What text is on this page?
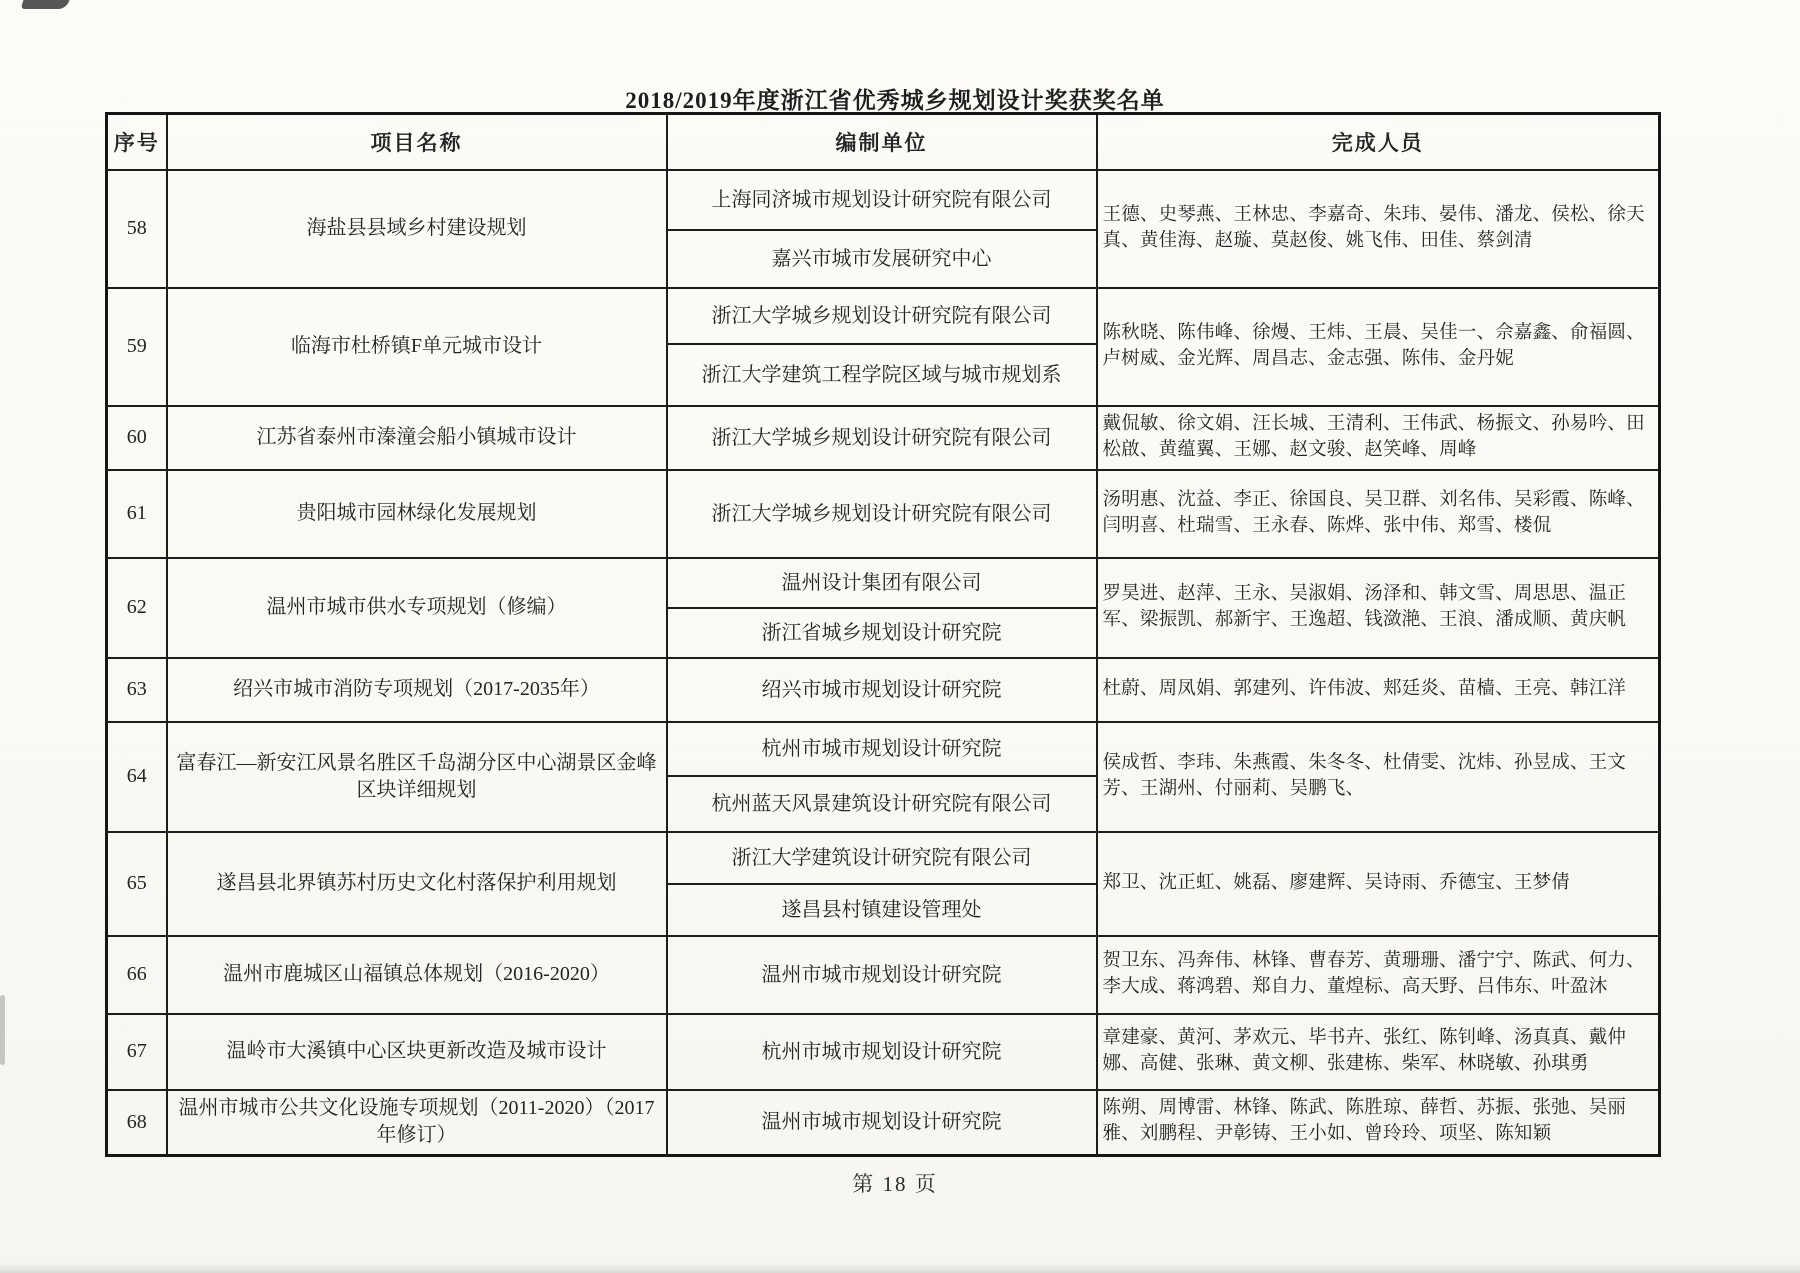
2018/2019年度浙江省优秀城乡规划设计奖获奖名单
序号	项目名称	编制单位	完成人员
58	海盐县县域乡村建设规划	上海同济城市规划设计研究院有限公司	王德、史琴燕、王林忠、李嘉奇、朱玮、晏伟、潘龙、侯松、徐天真、黄佳海、赵璇、莫赵俊、姚飞伟、田佳、蔡剑清
		嘉兴市城市发展研究中心	
59	临海市杜桥镇F单元城市设计	浙江大学城乡规划设计研究院有限公司	陈秋晓、陈伟峰、徐熳、王炜、王晨、吴佳一、佘嘉鑫、俞福圆、卢树威、金光辉、周昌志、金志强、陈伟、金丹妮
		浙江大学建筑工程学院区域与城市规划系	
60	江苏省泰州市溱潼会船小镇城市设计	浙江大学城乡规划设计研究院有限公司	戴侃敏、徐文娟、汪长城、王清利、王伟武、杨振文、孙易吟、田松啟、黄蕴翼、王娜、赵文骏、赵笑峰、周峰
61	贵阳城市园林绿化发展规划	浙江大学城乡规划设计研究院有限公司	汤明惠、沈益、李正、徐国良、吴卫群、刘名伟、吴彩霞、陈峰、闫明喜、杜瑞雪、王永春、陈烨、张中伟、郑雪、楼侃
62	温州市城市供水专项规划（修编）	温州设计集团有限公司	罗昊进、赵萍、王永、吴淑娟、汤泽和、韩文雪、周思思、温正军、梁振凯、郝新宇、王逸超、钱潋滟、王浪、潘成顺、黄庆帆
		浙江省城乡规划设计研究院	
63	绍兴市城市消防专项规划（2017-2035年）	绍兴市城市规划设计研究院	杜蔚、周凤娟、郭建列、许伟波、郏廷炎、苗樯、王亮、韩江洋
64	富春江—新安江风景名胜区千岛湖分区中心湖景区金峰区块详细规划	杭州市城市规划设计研究院	侯成哲、李玮、朱燕霞、朱冬冬、杜倩雯、沈炜、孙昱成、王文芳、王湖州、付丽莉、吴鹏飞、
		杭州蓝天风景建筑设计研究院有限公司	
65	遂昌县北界镇苏村历史文化村落保护利用规划	浙江大学建筑设计研究院有限公司	郑卫、沈正虹、姚磊、廖建辉、吴诗雨、乔德宝、王梦倩
		遂昌县村镇建设管理处	
66	温州市鹿城区山福镇总体规划（2016-2020）	温州市城市规划设计研究院	贺卫东、冯奔伟、林锋、曹春芳、黄珊珊、潘宁宁、陈武、何力、李大成、蒋鸿碧、郑自力、董煌标、高天野、吕伟东、叶盈沐
67	温岭市大溪镇中心区块更新改造及城市设计	杭州市城市规划设计研究院	章建豪、黄河、茅欢元、毕书卉、张红、陈钊峰、汤真真、戴仲娜、高健、张琳、黄文柳、张建栋、柴军、林晓敏、孙琪勇
68	温州市城市公共文化设施专项规划（2011-2020）（2017年修订）	温州市城市规划设计研究院	陈朔、周博雷、林锋、陈武、陈胜琼、薛哲、苏振、张弛、吴丽雅、刘鹏程、尹彰铸、王小如、曾玲玲、项坚、陈知颖
第 18 页
